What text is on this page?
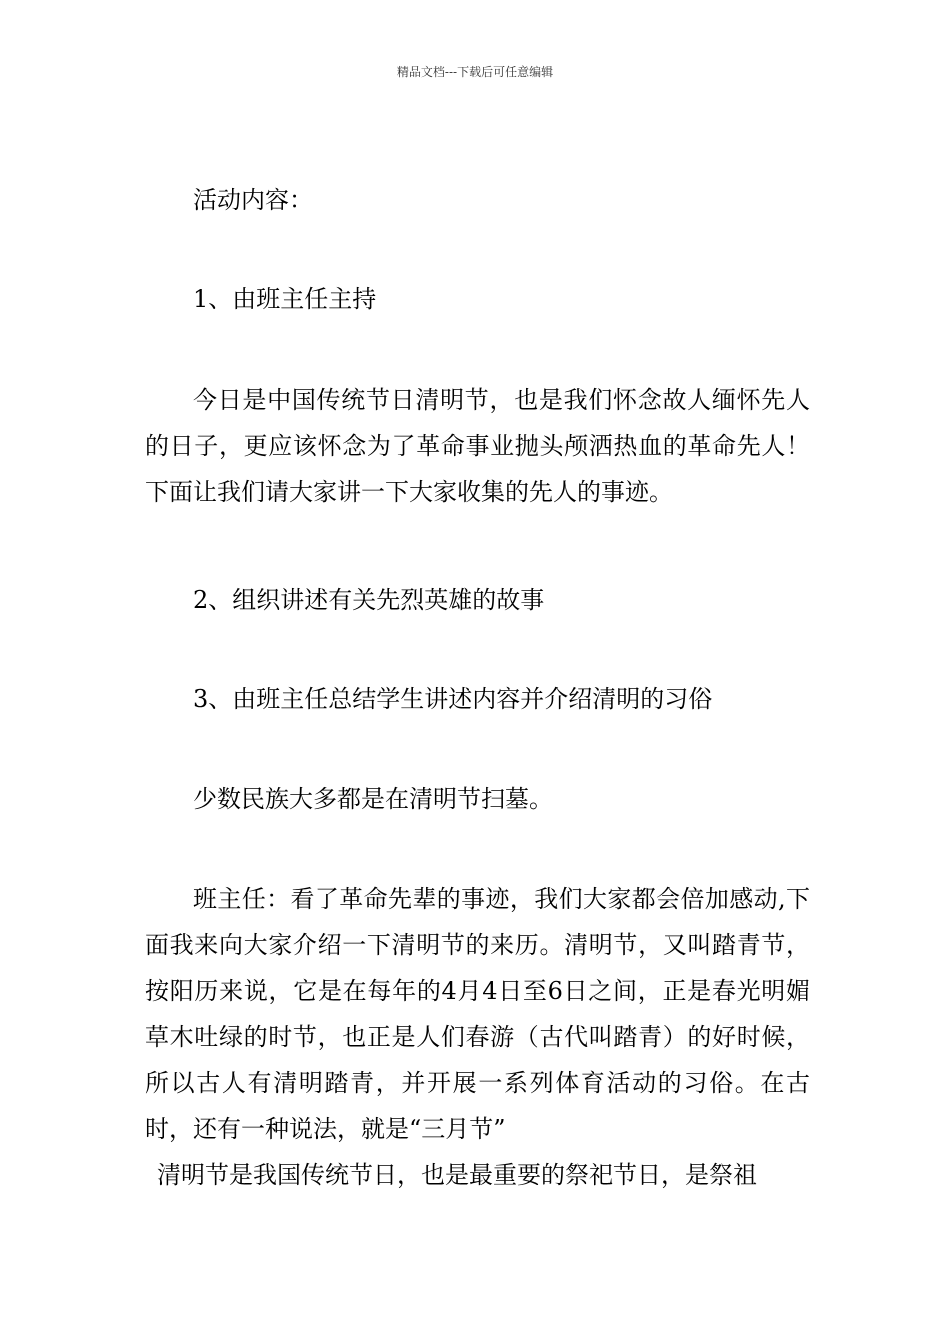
精品文档---下载后可任意编辑

活动内容：

1、由班主任主持

今日是中国传统节日清明节，也是我们怀念故人缅怀先人的日子，更应该怀念为了革命事业抛头颅洒热血的革命先人！下面让我们请大家讲一下大家收集的先人的事迹。

2、组织讲述有关先烈英雄的故事

3、由班主任总结学生讲述内容并介绍清明的习俗

少数民族大多都是在清明节扫墓。

班主任：看了革命先辈的事迹，我们大家都会倍加感动,下面我来向大家介绍一下清明节的来历。清明节，又叫踏青节，按阳历来说，它是在每年的4月4日至6日之间，正是春光明媚草木吐绿的时节，也正是人们春游（古代叫踏青）的好时候，所以古人有清明踏青，并开展一系列体育活动的习俗。在古时，还有一种说法，就是“三月节”

清明节是我国传统节日，也是最重要的祭祀节日，是祭祖
